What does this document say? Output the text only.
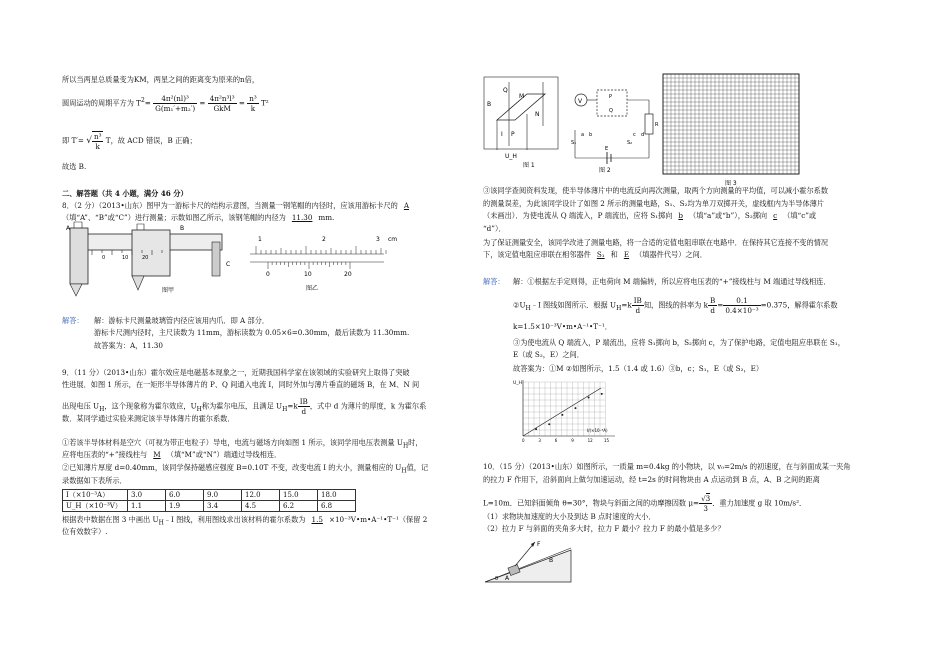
所以当两星总质量变为KM，两星之间的距离变为原来的n倍，
圆周运动的周期平方为 $T^2= \frac{\text{4π²(nl)³}}{\text{G(m₁′+m₂′)}} = \frac{\text{4π²n³l³}}{\text{GkM}} = \frac{\text{n³}}{k} T^2$
即 T′= √ $\frac{\text{n³}}{k}$ T，故 ACD 错误，B 正确；
故选 B.
二、解答题（共 4 小题，满分 46 分）
8．（2 分）（2013•山东）图甲为一游标卡尺的结构示意图，当测量一钢笔帽的内径时，应该用游标卡尺的 A
（填“A”、“B”或“C”）进行测量；示数如图乙所示，该钢笔帽的内径为 11.30 mm.
0	10	20
A	B
C
图甲
1	2	3 cm
0	10	20
图乙
解答： 解：游标卡尺测量玻璃管内径应该用内爪．即 A 部分．
游标卡尺测内径时，主尺读数为 11mm，游标读数为 0.05×6=0.30mm，最后读数为 11.30mm.
故答案为：A，11.30
9．（11 分）（2013•山东）霍尔效应是电磁基本现象之一，近期我国科学家在该领域的实验研究上取得了突破
性进展．如图 1 所示，在一矩形半导体薄片的 P、Q 间通入电流 I，同时外加与薄片垂直的磁场 B，在 M、N 间
出现电压 $U_H$，这个现象称为霍尔效应，$U_H$称为霍尔电压，且满足 $U_H=k \frac{IB}{d}$ ，式中 d 为薄片的厚度，k 为霍尔系
数．某同学通过实验来测定该半导体薄片的霍尔系数．
①若该半导体材料是空穴（可视为带正电粒子）导电，电流与磁场方向如图 1 所示，该同学用电压表测量 $U_H$时，
应将电压表的“+”接线柱与 M （填“M”或“N”）端通过导线相连．
②已知薄片厚度 d=0.40mm，该同学保持磁感应强度 B=0.10T 不变，改变电流 I 的大小，测量相应的 $U_H$值，记
录数据如下表所示．
I（×10⁻³A）	3.0	6.0	9.0	12.0	15.0	18.0
U_H（×10⁻³V）	1.1	1.9	3.4	4.5	6.2	6.8
根据表中数据在图 3 中画出 $U_H﹣I$ 图线，利用图线求出该材料的霍尔系数为 1.5 ×10⁻³V•m•A⁻¹•T⁻¹（保留 2
位有效数字）.
Q
M
P
I
N
B
U_H
图 1
V
P
Q
R
E
S₁	S₂
a b	c d
图 2
图 3
③该同学查阅资料发现，使半导体薄片中的电流反向再次测量，取两个方向测量的平均值，可以减小霍尔系数
的测量误差，为此该同学设计了如图 2 所示的测量电路，S₁、S₂均为单刀双掷开关，虚线框内为半导体薄片
（未画出）．为使电流从 Q 端流入，P 端流出，应将 S₁掷向 b （填“a”或“b”），S₂掷向 c （填“c”或
“d”）．
为了保证测量安全，该同学改进了测量电路，将一合适的定值电阻串联在电路中．在保持其它连接不变的情况
下，该定值电阻应串联在相邻器件 S₁ 和 E （填器件代号）之间．
解答： 解：①根据左手定则得，正电荷向 M 端偏转，所以应将电压表的“+”接线柱与 M 端通过导线相连．
$②U_H﹣I$ 图线如图所示．根据 $U_H=k \frac{IB}{d}$ 知，图线的斜率为 k $\frac{B}{d} = \frac{0.1}{\text{0.4×10⁻³}} =0.375$，解得霍尔系数
k=1.5×10⁻³V•m•A⁻¹•T⁻¹．
③为使电流从 Q 端流入，P 端流出，应将 S₁掷向 b，S₂掷向 c，为了保护电路，定值电阻应串联在 S₁，
E（或 S₂，E）之间．
故答案为：①M ②如图所示，1.5（1.4 或 1.6）③b，c；S₁，E（或 S₂，E）
U_H
I/(×10⁻³A)
0	3	6	9	12	15
10．（15 分）（2013•山东）如图所示，一质量 m=0.4kg 的小物块，以 v₀=2m/s 的初速度，在与斜面成某一夹角
的拉力 F 作用下，沿斜面向上做匀加速运动，经 t=2s 的时间物块由 A 点运动到 B 点，A、B 之间的距离
L=10m．已知斜面倾角 θ=30°，物块与斜面之间的动摩擦因数 $\mu= \frac{√3}{3}$ ．重力加速度 g 取 10m/s²．
（1）求物块加速度的大小及到达 B 点时速度的大小．
（2）拉力 F 与斜面的夹角多大时，拉力 F 最小？拉力 F 的最小值是多少？
F
B
A
θ
